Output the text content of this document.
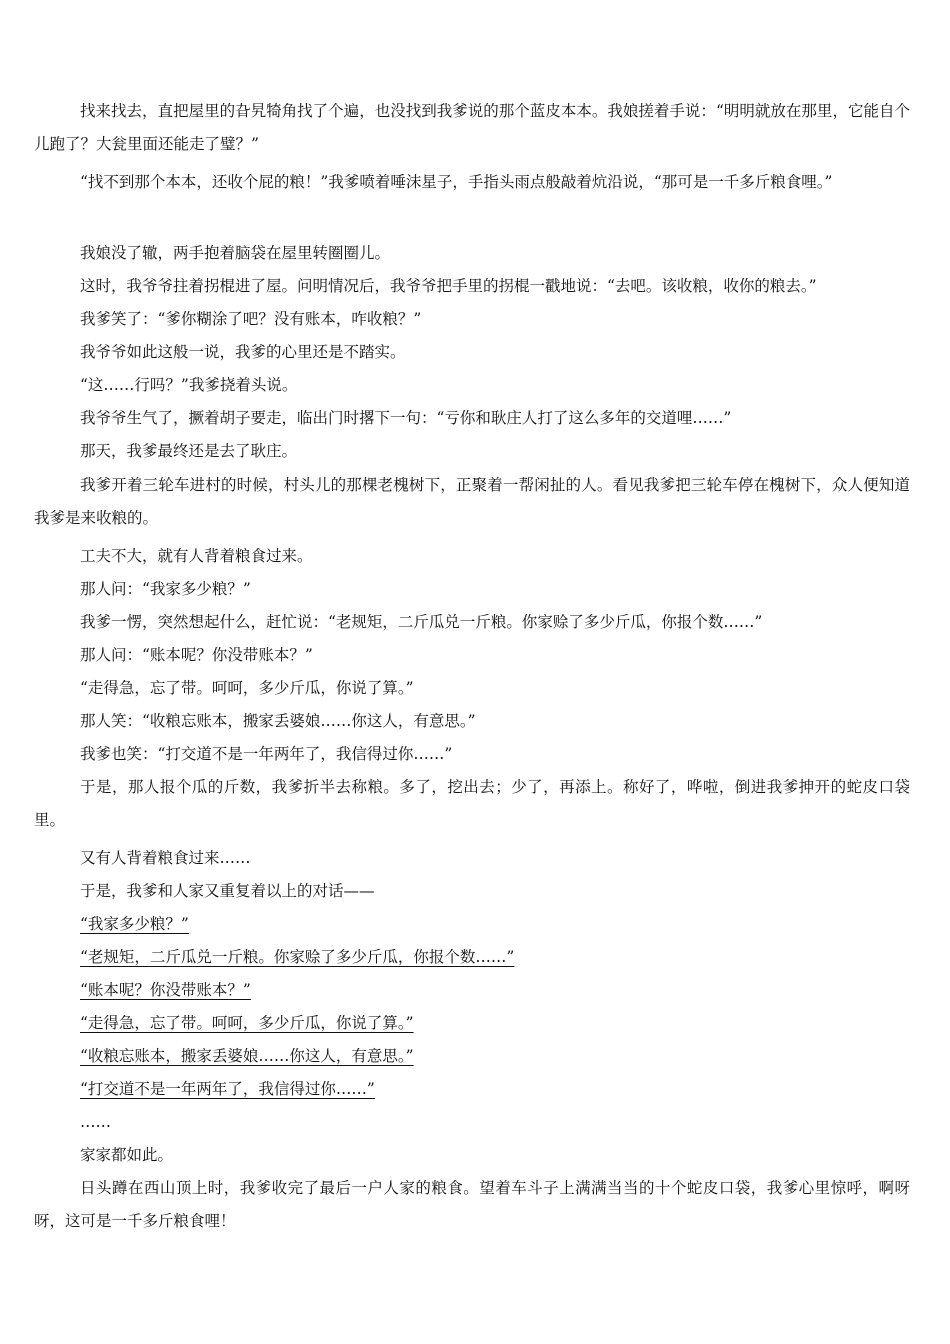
找来找去，直把屋里的旮旯犄角找了个遍，也没找到我爹说的那个蓝皮本本。我娘搓着手说：“明明就放在那里，它能自个儿跑了？大瓮里面还能走了璧？”

“找不到那个本本，还收个屁的粮！”我爹喷着唾沫星子，手指头雨点般敲着炕沿说，“那可是一千多斤粮食哩。”

我娘没了辙，两手抱着脑袋在屋里转圈圈儿。

这时，我爷爷拄着拐棍进了屋。问明情况后，我爷爷把手里的拐棍一戳地说：“去吧。该收粮，收你的粮去。”

我爹笑了：“爹你糊涂了吧？没有账本，咋收粮？”

我爷爷如此这般一说，我爹的心里还是不踏实。

“这……行吗？”我爹挠着头说。

我爷爷生气了，撅着胡子要走，临出门时撂下一句：“亏你和耿庄人打了这么多年的交道哩……”

那天，我爹最终还是去了耿庄。

我爹开着三轮车进村的时候，村头儿的那棵老槐树下，正聚着一帮闲扯的人。看见我爹把三轮车停在槐树下，众人便知道我爹是来收粮的。

工夫不大，就有人背着粮食过来。

那人问：“我家多少粮？”

我爹一愣，突然想起什么，赶忙说：“老规矩，二斤瓜兑一斤粮。你家赊了多少斤瓜，你报个数……”

那人问：“账本呢？你没带账本？”

“走得急，忘了带。呵呵，多少斤瓜，你说了算。”

那人笑：“收粮忘账本，搬家丢婆娘……你这人，有意思。”

我爹也笑：“打交道不是一年两年了，我信得过你……”

于是，那人报个瓜的斤数，我爹折半去称粮。多了，挖出去；少了，再添上。称好了，哗啦，倒进我爹抻开的蛇皮口袋里。

又有人背着粮食过来……

于是，我爹和人家又重复着以上的对话——

“我家多少粮？”

“老规矩，二斤瓜兑一斤粮。你家赊了多少斤瓜，你报个数……”

“账本呢？你没带账本？”

“走得急，忘了带。呵呵，多少斤瓜，你说了算。”

“收粮忘账本，搬家丢婆娘……你这人，有意思。”

“打交道不是一年两年了，我信得过你……”

……

家家都如此。

日头蹲在西山顶上时，我爹收完了最后一户人家的粮食。望着车斗子上满满当当的十个蛇皮口袋，我爹心里惊呼，啊呀呀，这可是一千多斤粮食哩！
